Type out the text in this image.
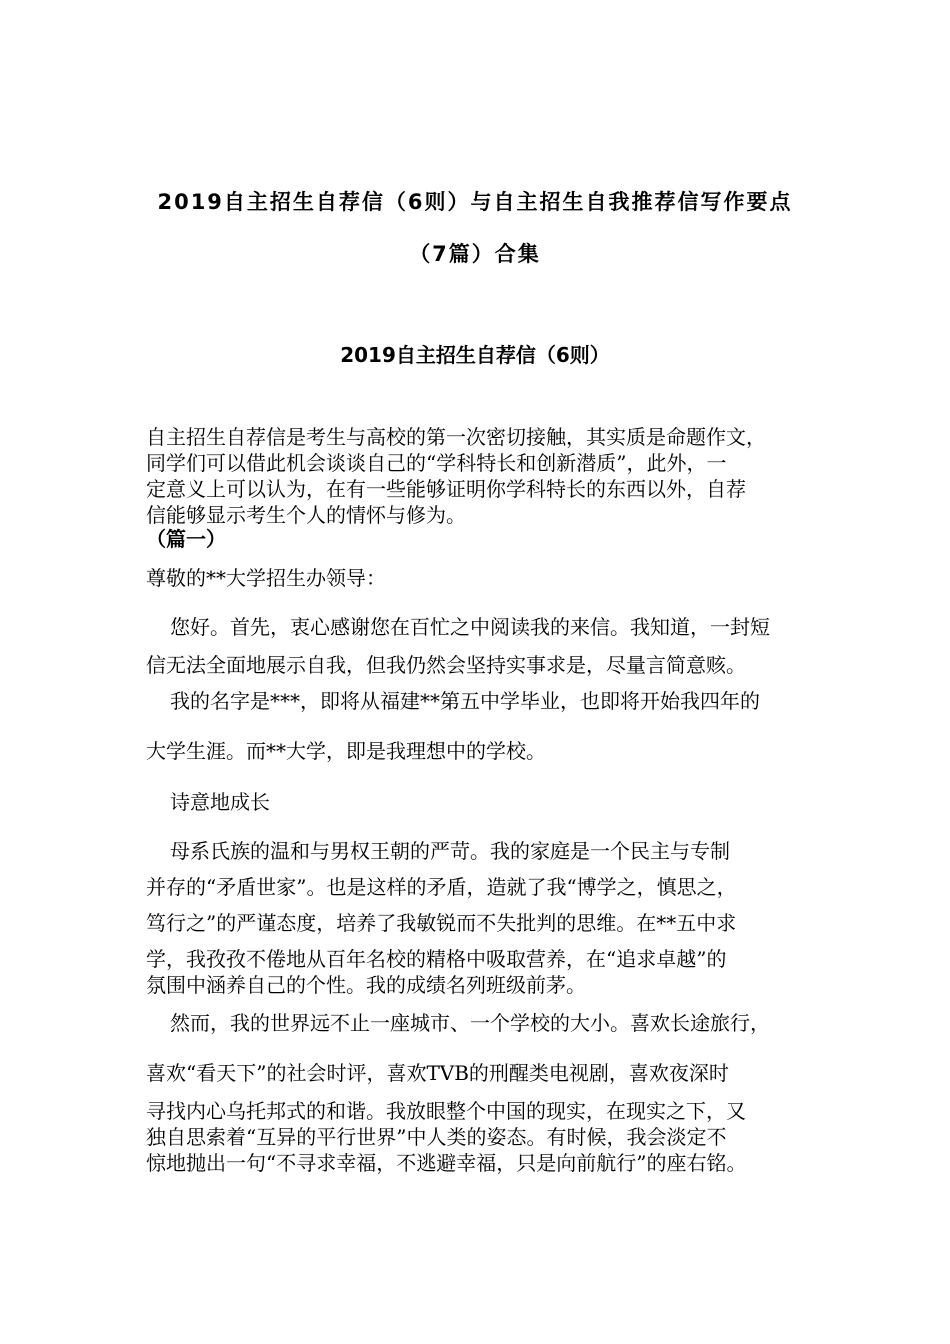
2019自主招生自荐信（6则）与自主招生自我推荐信写作要点
（7篇）合集
2019自主招生自荐信（6则）
自主招生自荐信是考生与高校的第一次密切接触，其实质是命题作文，
同学们可以借此机会谈谈自己的“学科特长和创新潜质”，此外，一
定意义上可以认为，在有一些能够证明你学科特长的东西以外，自荐
信能够显示考生个人的情怀与修为。
（篇一）
尊敬的**大学招生办领导：
您好。首先，衷心感谢您在百忙之中阅读我的来信。我知道，一封短
信无法全面地展示自我，但我仍然会坚持实事求是，尽量言简意赅。
我的名字是***，即将从福建**第五中学毕业，也即将开始我四年的
大学生涯。而**大学，即是我理想中的学校。
诗意地成长
母系氏族的温和与男权王朝的严苛。我的家庭是一个民主与专制
并存的“矛盾世家”。也是这样的矛盾，造就了我“博学之，慎思之，
笃行之”的严谨态度，培养了我敏锐而不失批判的思维。在**五中求
学，我孜孜不倦地从百年名校的精格中吸取营养，在“追求卓越”的
氛围中涵养自己的个性。我的成绩名列班级前茅。
然而，我的世界远不止一座城市、一个学校的大小。喜欢长途旅行，
喜欢“看天下”的社会时评，喜欢TVB的刑醒类电视剧，喜欢夜深时
寻找内心乌托邦式的和谐。我放眼整个中国的现实，在现实之下，又
独自思索着“互异的平行世界”中人类的姿态。有时候，我会淡定不
惊地抛出一句“不寻求幸福，不逃避幸福，只是向前航行”的座右铭。
